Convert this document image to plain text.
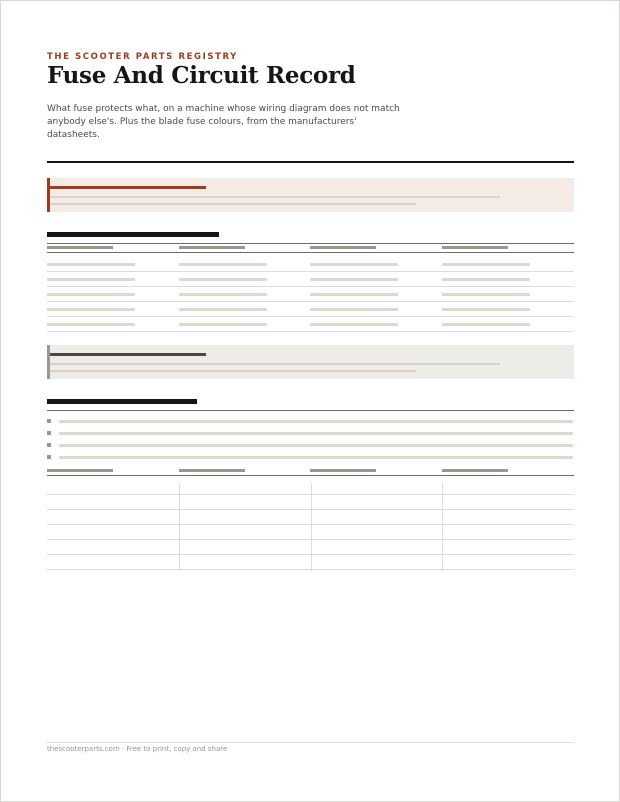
THE SCOOTER PARTS REGISTRY
Fuse And Circuit Record

What fuse protects what, on a machine whose wiring diagram does not match anybody else's. Plus the blade fuse colours, from the manufacturers' datasheets.

thescooterparts.com · Free to print, copy and share
